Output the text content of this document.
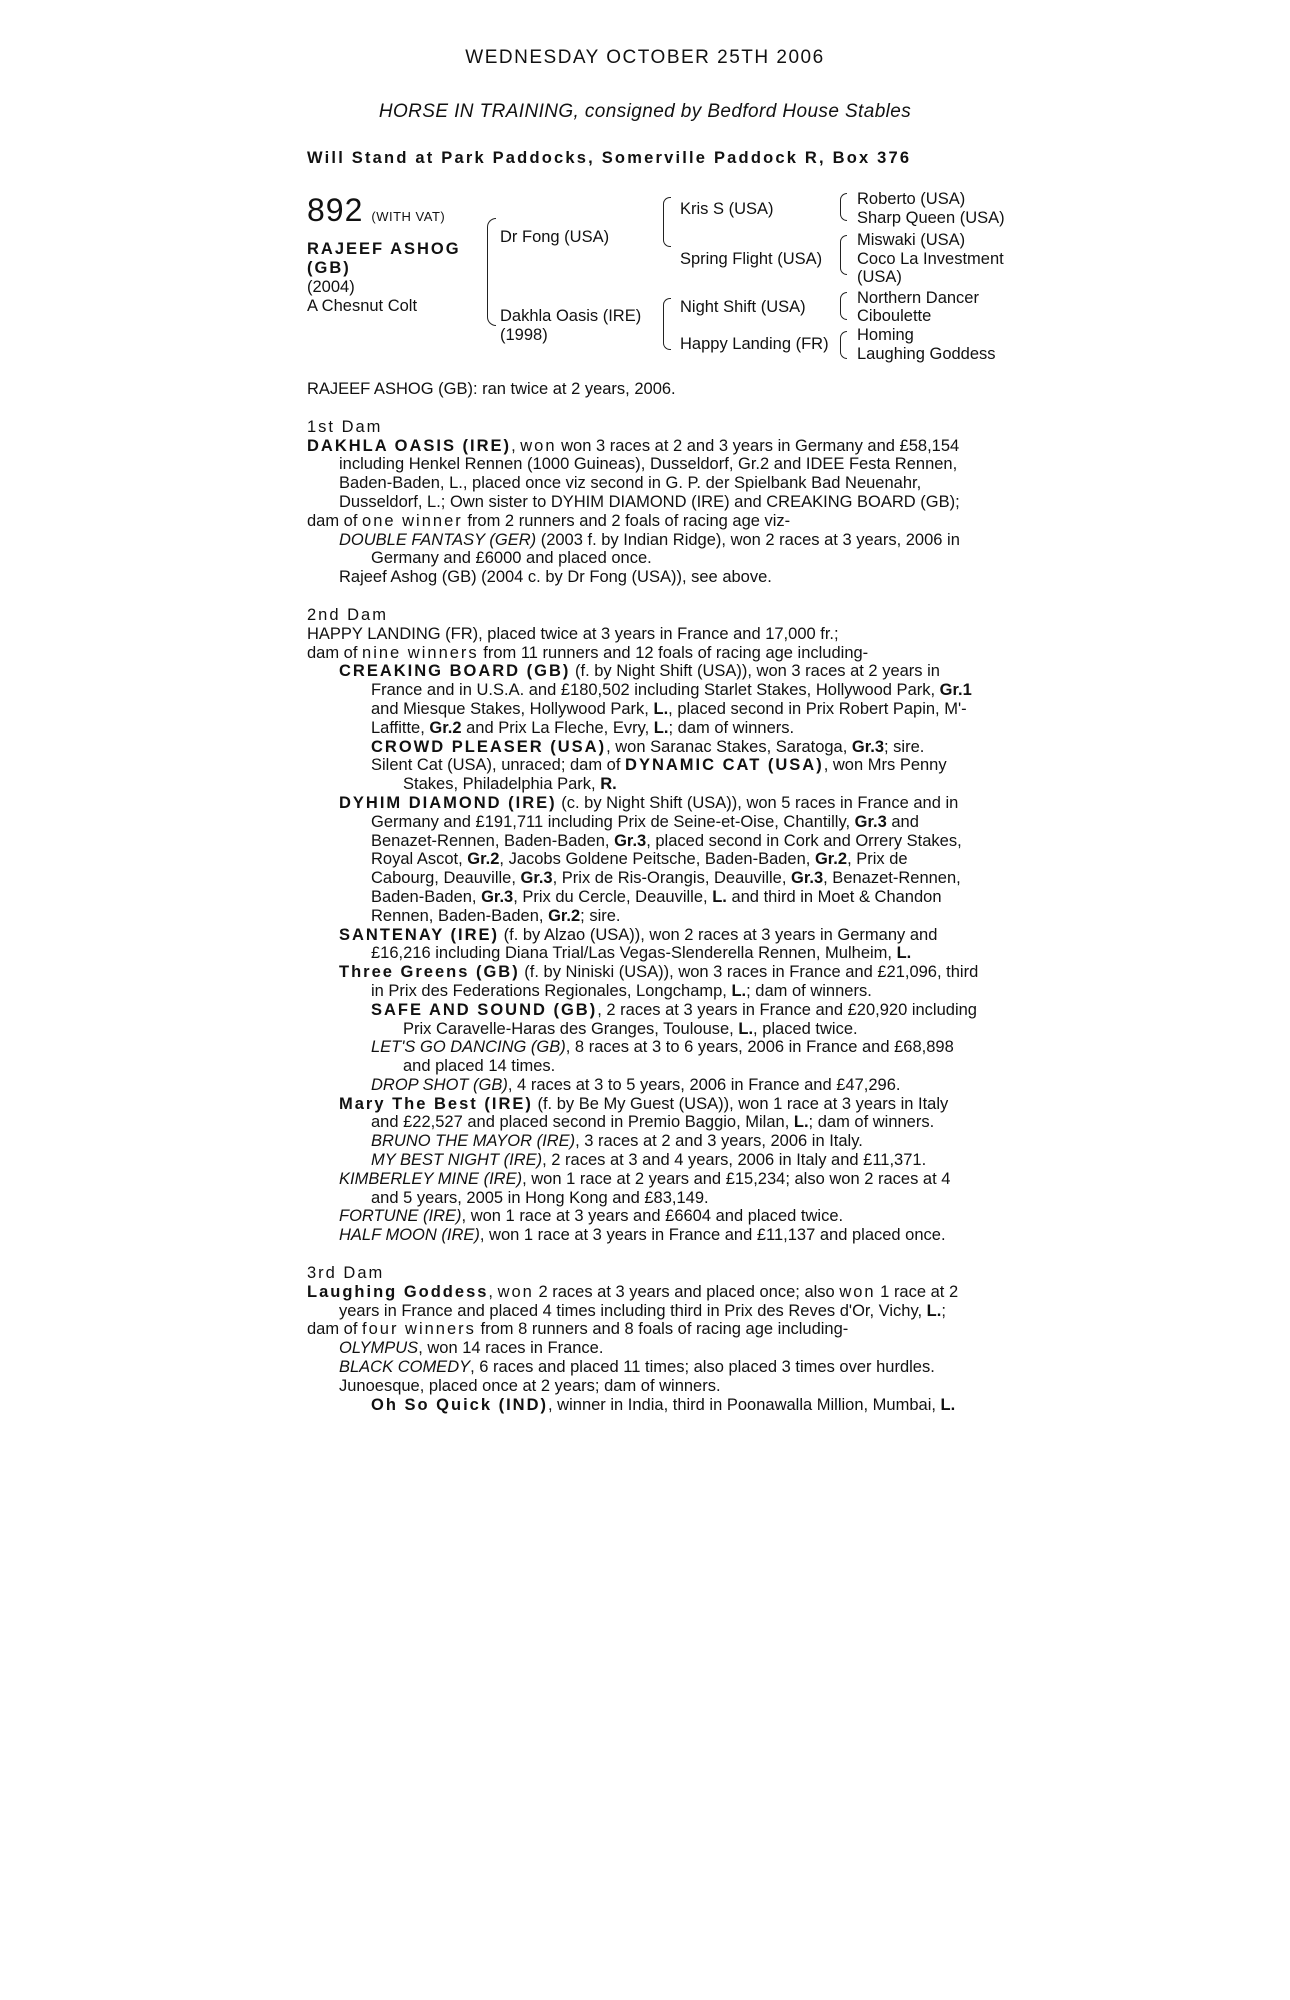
WEDNESDAY OCTOBER 25TH 2006
HORSE IN TRAINING, consigned by Bedford House Stables
Will Stand at Park Paddocks, Somerville Paddock R, Box 376
892 (WITH VAT)
RAJEEF ASHOG
(GB)
(2004)
A Chesnut Colt
Dr Fong (USA)
Dakhla Oasis (IRE)
(1998)
Kris S (USA)
Spring Flight (USA)
Night Shift (USA)
Happy Landing (FR)
Roberto (USA)
Sharp Queen (USA)
Miswaki (USA)
Coco La Investment
(USA)
Northern Dancer
Ciboulette
Homing
Laughing Goddess

RAJEEF ASHOG (GB): ran twice at 2 years, 2006.

1st Dam

DAKHLA OASIS (IRE), won won 3 races at 2 and 3 years in Germany and £58,154 including Henkel Rennen (1000 Guineas), Dusseldorf, Gr.2 and IDEE Festa Rennen, Baden-Baden, L., placed once viz second in G. P. der Spielbank Bad Neuenahr, Dusseldorf, L.; Own sister to DYHIM DIAMOND (IRE) and CREAKING BOARD (GB);

dam of one winner from 2 runners and 2 foals of racing age viz-

DOUBLE FANTASY (GER) (2003 f. by Indian Ridge), won 2 races at 3 years, 2006 in Germany and £6000 and placed once.

Rajeef Ashog (GB) (2004 c. by Dr Fong (USA)), see above.

2nd Dam

HAPPY LANDING (FR), placed twice at 3 years in France and 17,000 fr.;

dam of nine winners from 11 runners and 12 foals of racing age including-

CREAKING BOARD (GB) (f. by Night Shift (USA)), won 3 races at 2 years in France and in U.S.A. and £180,502 including Starlet Stakes, Hollywood Park, Gr.1 and Miesque Stakes, Hollywood Park, L., placed second in Prix Robert Papin, M'-Laffitte, Gr.2 and Prix La Fleche, Evry, L.; dam of winners.

CROWD PLEASER (USA), won Saranac Stakes, Saratoga, Gr.3; sire.

Silent Cat (USA), unraced; dam of DYNAMIC CAT (USA), won Mrs Penny Stakes, Philadelphia Park, R.

DYHIM DIAMOND (IRE) (c. by Night Shift (USA)), won 5 races in France and in Germany and £191,711 including Prix de Seine-et-Oise, Chantilly, Gr.3 and Benazet-Rennen, Baden-Baden, Gr.3, placed second in Cork and Orrery Stakes, Royal Ascot, Gr.2, Jacobs Goldene Peitsche, Baden-Baden, Gr.2, Prix de Cabourg, Deauville, Gr.3, Prix de Ris-Orangis, Deauville, Gr.3, Benazet-Rennen, Baden-Baden, Gr.3, Prix du Cercle, Deauville, L. and third in Moet & Chandon Rennen, Baden-Baden, Gr.2; sire.

SANTENAY (IRE) (f. by Alzao (USA)), won 2 races at 3 years in Germany and £16,216 including Diana Trial/Las Vegas-Slenderella Rennen, Mulheim, L.

Three Greens (GB) (f. by Niniski (USA)), won 3 races in France and £21,096, third in Prix des Federations Regionales, Longchamp, L.; dam of winners.

SAFE AND SOUND (GB), 2 races at 3 years in France and £20,920 including Prix Caravelle-Haras des Granges, Toulouse, L., placed twice.

LET'S GO DANCING (GB), 8 races at 3 to 6 years, 2006 in France and £68,898 and placed 14 times.

DROP SHOT (GB), 4 races at 3 to 5 years, 2006 in France and £47,296.

Mary The Best (IRE) (f. by Be My Guest (USA)), won 1 race at 3 years in Italy and £22,527 and placed second in Premio Baggio, Milan, L.; dam of winners.

BRUNO THE MAYOR (IRE), 3 races at 2 and 3 years, 2006 in Italy.

MY BEST NIGHT (IRE), 2 races at 3 and 4 years, 2006 in Italy and £11,371.

KIMBERLEY MINE (IRE), won 1 race at 2 years and £15,234; also won 2 races at 4 and 5 years, 2005 in Hong Kong and £83,149.

FORTUNE (IRE), won 1 race at 3 years and £6604 and placed twice.

HALF MOON (IRE), won 1 race at 3 years in France and £11,137 and placed once.

3rd Dam

Laughing Goddess, won 2 races at 3 years and placed once; also won 1 race at 2 years in France and placed 4 times including third in Prix des Reves d'Or, Vichy, L.;

dam of four winners from 8 runners and 8 foals of racing age including-

OLYMPUS, won 14 races in France.

BLACK COMEDY, 6 races and placed 11 times; also placed 3 times over hurdles.

Junoesque, placed once at 2 years; dam of winners.

Oh So Quick (IND), winner in India, third in Poonawalla Million, Mumbai, L.
